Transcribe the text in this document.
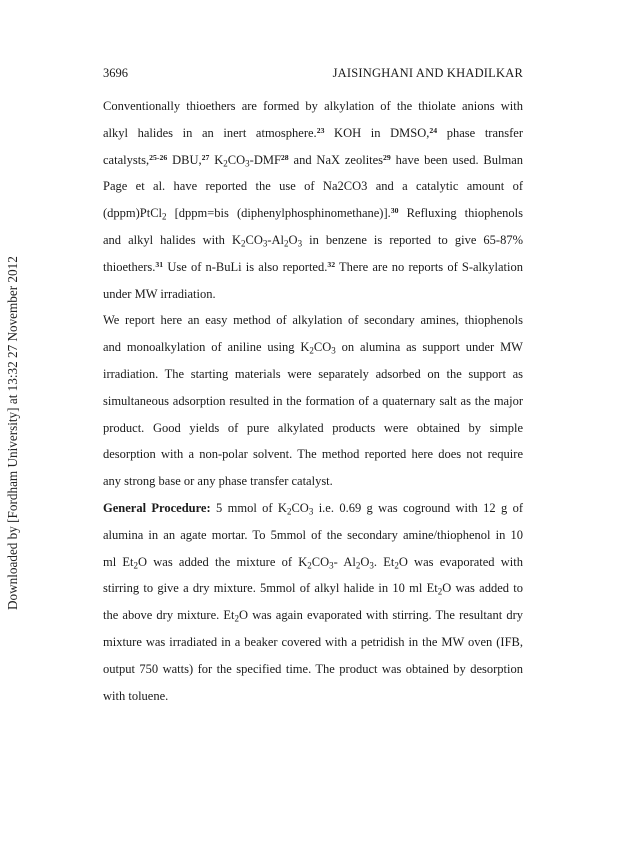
3696	JAISINGHANI AND KHADILKAR
Downloaded by [Fordham University] at 13:32 27 November 2012
Conventionally thioethers are formed by alkylation of the thiolate anions with
alkyl halides in an inert atmosphere.$^{23}$ KOH in DMSO,$^{24}$ phase transfer
catalysts,$^{25-26}$ DBU,$^{27}$ $K_2CO_3-DMF^{28}$ and NaX zeolites$^{29}$ have been used. Bulman
Page et al. have reported the use of Na2CO3 and a catalytic amount of
(dppm)PtCl$_2$ [dppm=bis (diphenylphosphinomethane)].$^{30}$ Refluxing thiophenols
and alkyl halides with $K_2CO_3-Al_2O_3$ in benzene is reported to give 65-87%
thioethers.$^{31}$ Use of n-BuLi is also reported.$^{32}$ There are no reports of S-alkylation
under MW irradiation.
We report here an easy method of alkylation of secondary amines, thiophenols
and monoalkylation of aniline using $K_2CO_3$ on alumina as support under MW
irradiation. The starting materials were separately adsorbed on the support as
simultaneous adsorption resulted in the formation of a quaternary salt as the major
product. Good yields of pure alkylated products were obtained by simple
desorption with a non-polar solvent. The method reported here does not require
any strong base or any phase transfer catalyst.
General Procedure: 5 mmol of $K_2CO_3$ i.e. 0.69 g was coground with 12 g of
alumina in an agate mortar. To 5mmol of the secondary amine/thiophenol in 10
ml $Et_2O$ was added the mixture of $K_2CO_3-$ $Al_2O_3$. $Et_2O$ was evaporated with
stirring to give a dry mixture. 5mmol of alkyl halide in 10 ml $Et_2O$ was added to
the above dry mixture. $Et_2O$ was again evaporated with stirring. The resultant dry
mixture was irradiated in a beaker covered with a petridish in the MW oven (IFB,
output 750 watts) for the specified time. The product was obtained by desorption
with toluene.
